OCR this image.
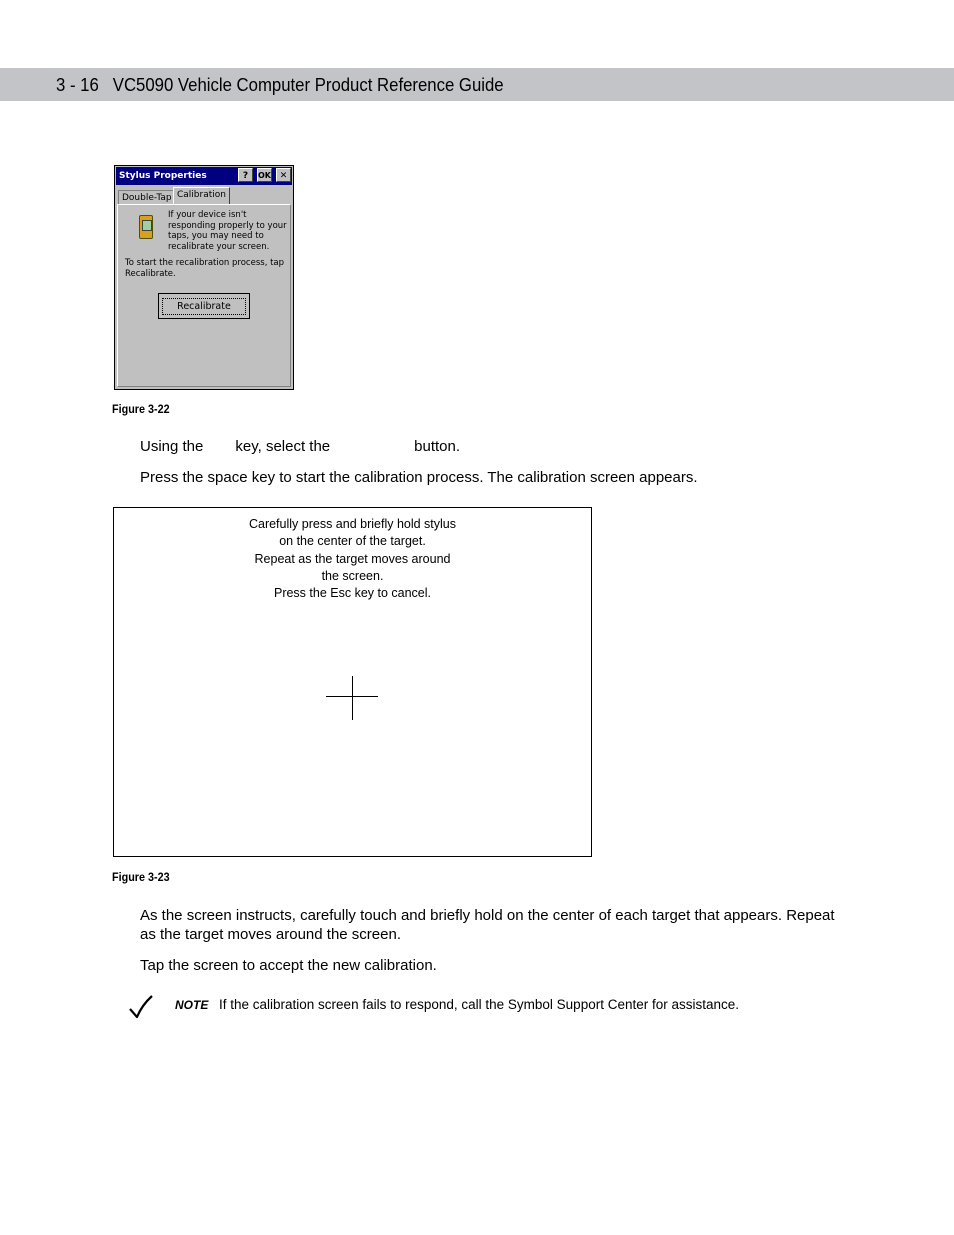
3 - 16 VC5090 Vehicle Computer Product Reference Guide
Stylus Properties	?	OK ✕
Double-Tap Calibration
If your device isn't
responding properly to your
taps, you may need to
recalibrate your screen.
To start the recalibration process, tap
Recalibrate.
Recalibrate
Figure 3-22
Using the key, select the	button.
Press the space key to start the calibration process. The calibration screen appears.
Carefully press and briefly hold stylus
on the center of the target.
Repeat as the target moves around
the screen.
Press the Esc key to cancel.
Figure 3-23
As the screen instructs, carefully touch and briefly hold on the center of each target that appears. Repeat
as the target moves around the screen.
Tap the screen to accept the new calibration.
NOTE If the calibration screen fails to respond, call the Symbol Support Center for assistance.
